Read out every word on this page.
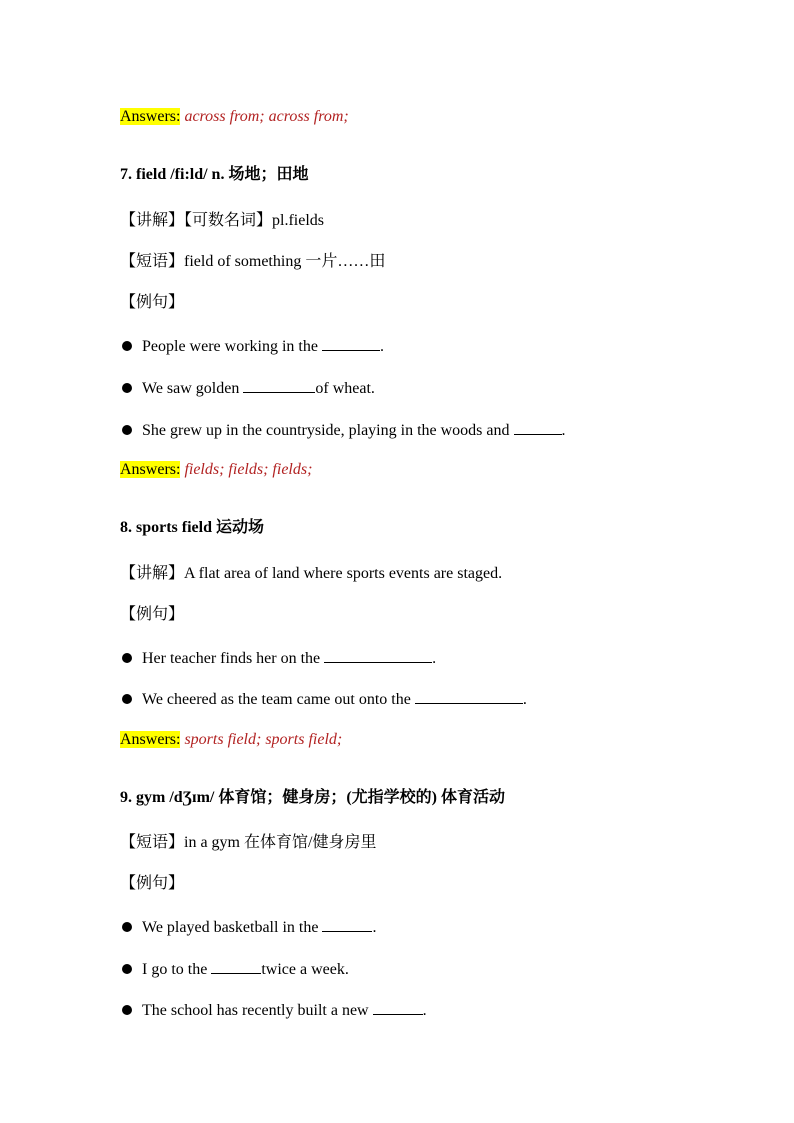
Answers: across from; across from;
7. field /fi:ld/ n. 场地；田地
【讲解】【可数名词】pl.fields
【短语】field of something 一片……田
【例句】
People were working in the	.
We saw golden	of wheat.
She grew up in the countryside, playing in the woods and	.
Answers: fields; fields; fields;
8. sports field 运动场
【讲解】A flat area of land where sports events are staged.
【例句】
Her teacher finds her on the	.
We cheered as the team came out onto the	.
Answers: sports field; sports field;
9. gym /dƷɪm/ 体育馆；健身房；(尤指学校的) 体育活动
【短语】in a gym 在体育馆/健身房里
【例句】
We played basketball in the	.
I go to the	twice a week.
The school has recently built a new	.
